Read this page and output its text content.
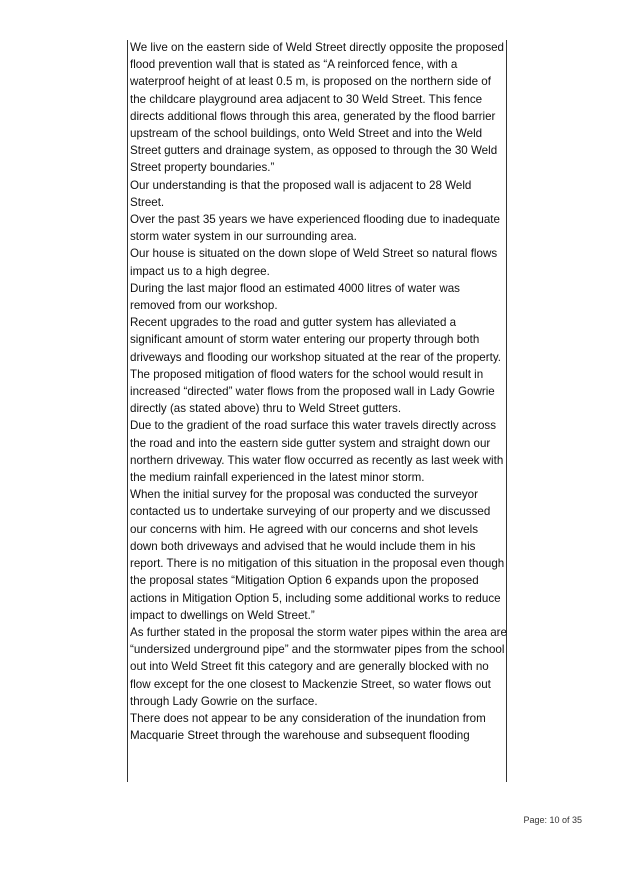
We live on the eastern side of Weld Street directly opposite the proposed flood prevention wall that is stated as “A reinforced fence, with a waterproof height of at least 0.5 m, is proposed on the northern side of the childcare playground area adjacent to 30 Weld Street. This fence directs additional flows through this area, generated by the flood barrier upstream of the school buildings, onto Weld Street and into the Weld Street gutters and drainage system, as opposed to through the 30 Weld Street property boundaries.”

Our understanding is that the proposed wall is adjacent to 28 Weld Street.

Over the past 35 years we have experienced flooding due to inadequate storm water system in our surrounding area.

Our house is situated on the down slope of Weld Street so natural flows impact us to a high degree.

During the last major flood an estimated 4000 litres of water was removed from our workshop.

Recent upgrades to the road and gutter system has alleviated a significant amount of storm water entering our property through both driveways and flooding our workshop situated at the rear of the property.

The proposed mitigation of flood waters for the school would result in increased “directed” water flows from the proposed wall in Lady Gowrie directly (as stated above) thru to Weld Street gutters.

Due to the gradient of the road surface this water travels directly across the road and into the eastern side gutter system and straight down our northern driveway. This water flow occurred as recently as last week with the medium rainfall experienced in the latest minor storm.

When the initial survey for the proposal was conducted the surveyor contacted us to undertake surveying of our property and we discussed our concerns with him. He agreed with our concerns and shot levels down both driveways and advised that he would include them in his report. There is no mitigation of this situation in the proposal even though the proposal states “Mitigation Option 6 expands upon the proposed actions in Mitigation Option 5, including some additional works to reduce impact to dwellings on Weld Street.”

As further stated in the proposal the storm water pipes within the area are “undersized underground pipe” and the stormwater pipes from the school out into Weld Street fit this category and are generally blocked with no flow except for the one closest to Mackenzie Street, so water flows out through Lady Gowrie on the surface.

There does not appear to be any consideration of the inundation from Macquarie Street through the warehouse and subsequent flooding

Page: 10 of 35
